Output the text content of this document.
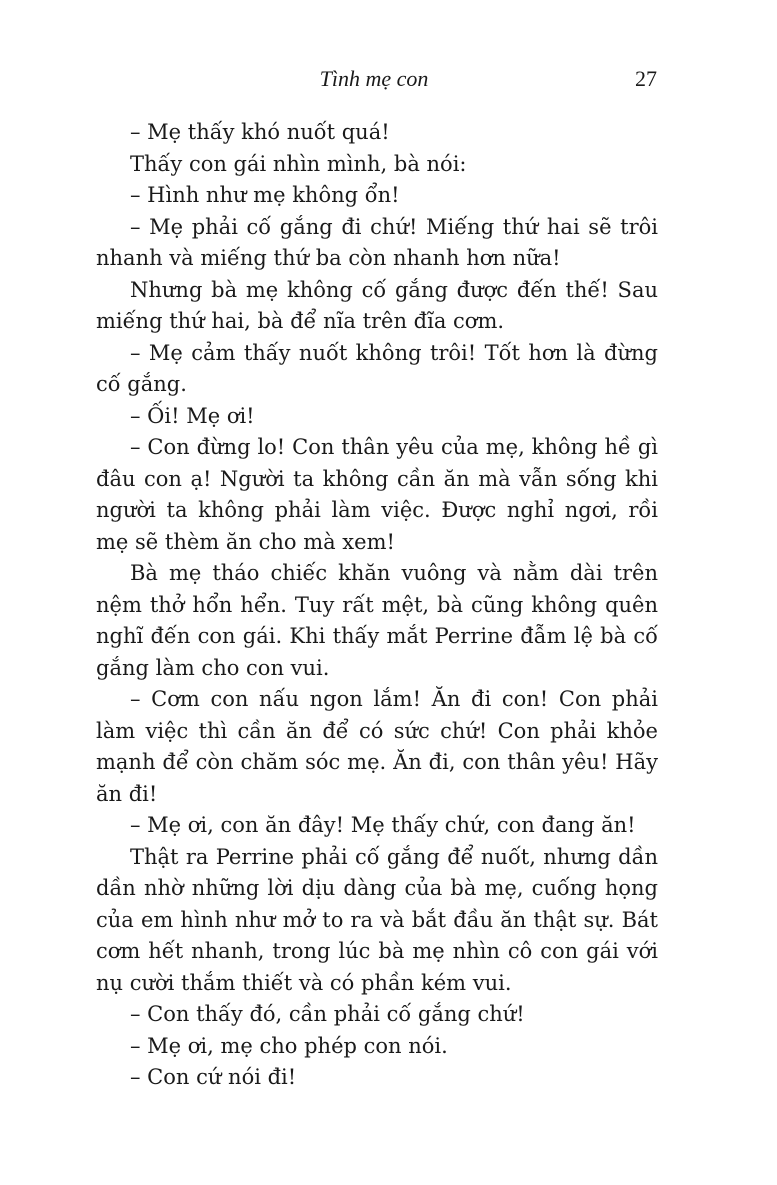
Tình mẹ con	27

– Mẹ thấy khó nuốt quá!

Thấy con gái nhìn mình, bà nói:

– Hình như mẹ không ổn!

– Mẹ phải cố gắng đi chứ! Miếng thứ hai sẽ trôi nhanh và miếng thứ ba còn nhanh hơn nữa!

Nhưng bà mẹ không cố gắng được đến thế! Sau miếng thứ hai, bà để nĩa trên đĩa cơm.

– Mẹ cảm thấy nuốt không trôi! Tốt hơn là đừng cố gắng.

– Ối! Mẹ ơi!

– Con đừng lo! Con thân yêu của mẹ, không hề gì đâu con ạ! Người ta không cần ăn mà vẫn sống khi người ta không phải làm việc. Được nghỉ ngơi, rồi mẹ sẽ thèm ăn cho mà xem!

Bà mẹ tháo chiếc khăn vuông và nằm dài trên nệm thở hổn hển. Tuy rất mệt, bà cũng không quên nghĩ đến con gái. Khi thấy mắt Perrine đẫm lệ bà cố gắng làm cho con vui.

– Cơm con nấu ngon lắm! Ăn đi con! Con phải làm việc thì cần ăn để có sức chứ! Con phải khỏe mạnh để còn chăm sóc mẹ. Ăn đi, con thân yêu! Hãy ăn đi!

– Mẹ ơi, con ăn đây! Mẹ thấy chứ, con đang ăn!

Thật ra Perrine phải cố gắng để nuốt, nhưng dần dần nhờ những lời dịu dàng của bà mẹ, cuống họng của em hình như mở to ra và bắt đầu ăn thật sự. Bát cơm hết nhanh, trong lúc bà mẹ nhìn cô con gái với nụ cười thắm thiết và có phần kém vui.

– Con thấy đó, cần phải cố gắng chứ!

– Mẹ ơi, mẹ cho phép con nói.

– Con cứ nói đi!
